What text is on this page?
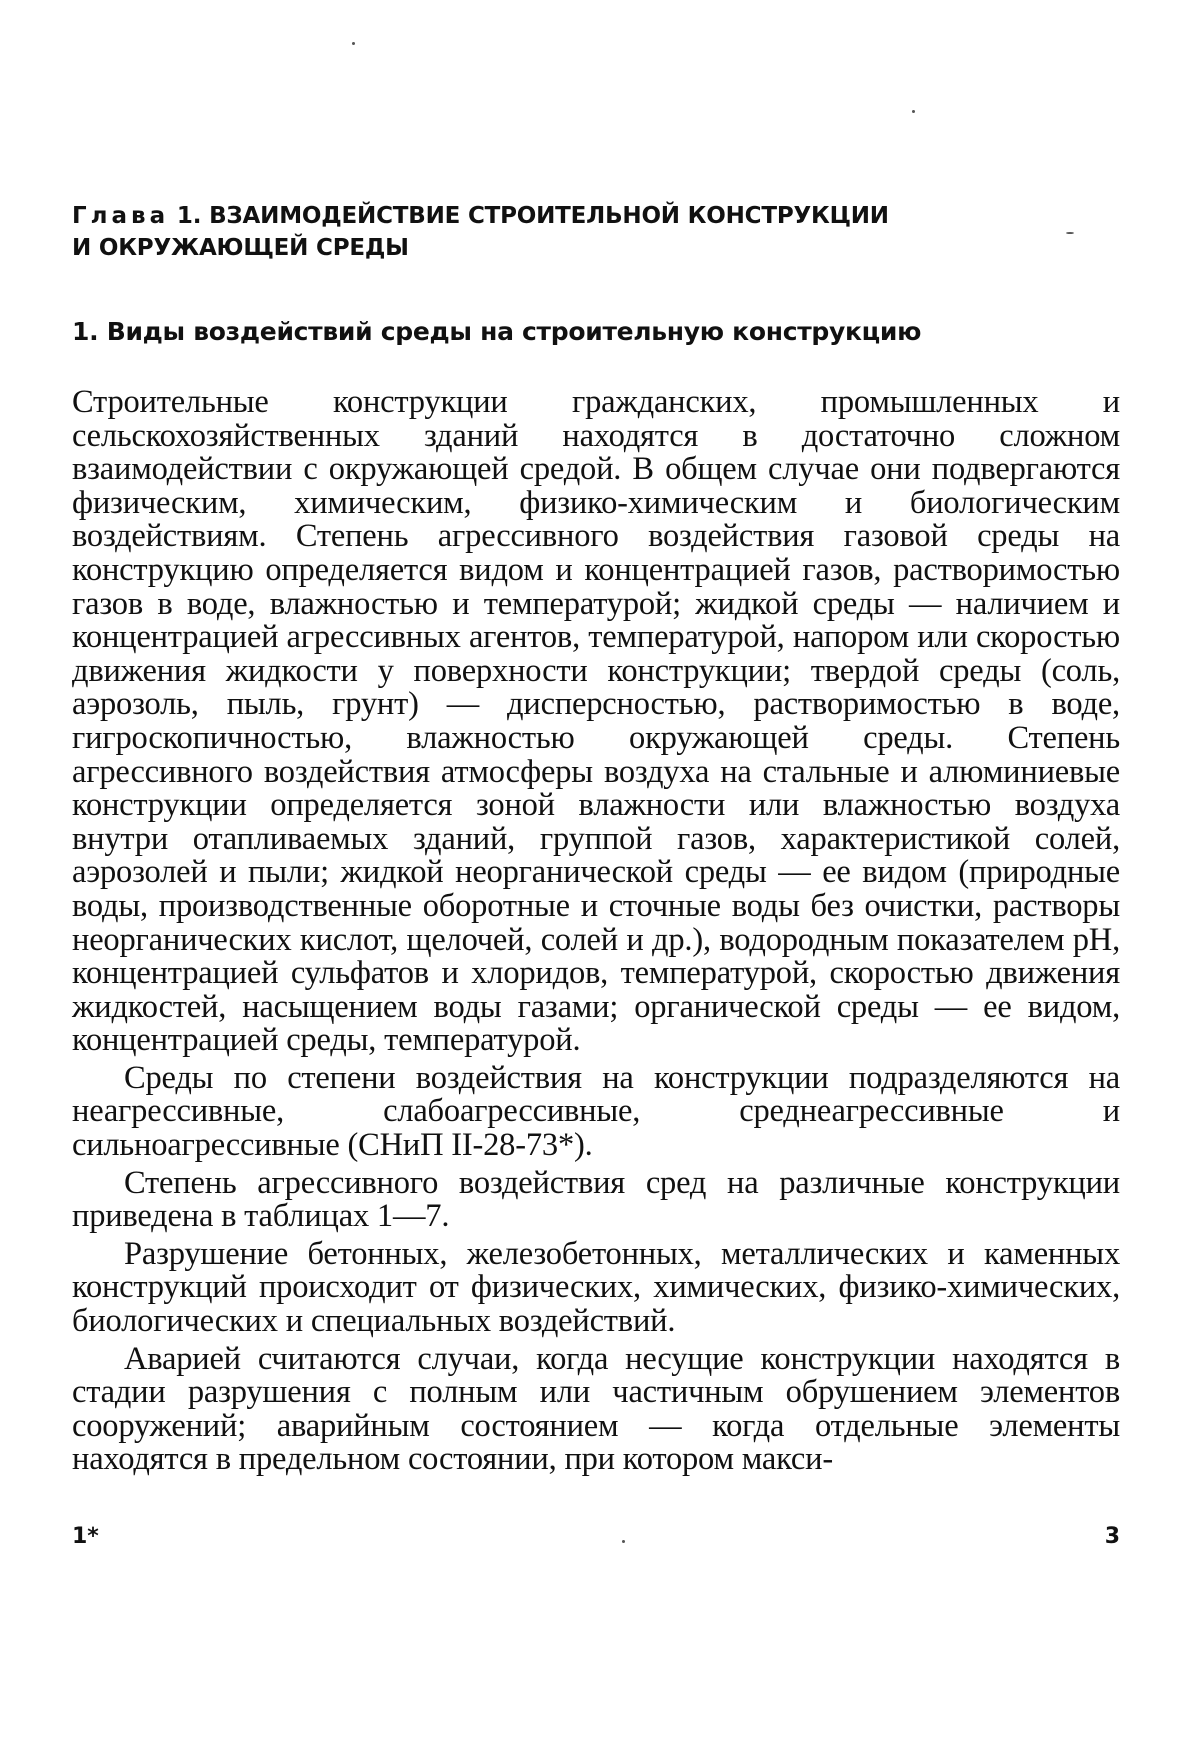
Глава 1. ВЗАИМОДЕЙСТВИЕ СТРОИТЕЛЬНОЙ КОНСТРУКЦИИ
И ОКРУЖАЮЩЕЙ СРЕДЫ
1. Виды воздействий среды на строительную конструкцию

Строительные конструкции гражданских, промышленных и сельскохозяйственных зданий находятся в достаточно сложном взаимодействии с окружающей средой. В общем случае они подвергаются физическим, химическим, физико-химическим и биологическим воздействиям. Степень агрессивного воздействия газовой среды на конструкцию определяется видом и концентрацией газов, растворимостью газов в воде, влажностью и температурой; жидкой среды — наличием и концентрацией агрессивных агентов, температурой, напором или скоростью движения жидкости у поверхности конструкции; твердой среды (соль, аэрозоль, пыль, грунт) — дисперсностью, растворимостью в воде, гигроскопичностью, влажностью окружающей среды. Степень агрессивного воздействия атмосферы воздуха на стальные и алюминиевые конструкции определяется зоной влажности или влажностью воздуха внутри отапливаемых зданий, группой газов, характеристикой солей, аэрозолей и пыли; жидкой неорганической среды — ее видом (природные воды, производственные оборотные и сточные воды без очистки, растворы неорганических кислот, щелочей, солей и др.), водородным показателем рН, концентрацией сульфатов и хлоридов, температурой, скоростью движения жидкостей, насыщением воды газами; органической среды — ее видом, концентрацией среды, температурой.

Среды по степени воздействия на конструкции подразделяются на неагрессивные, слабоагрессивные, среднеагрессивные и сильноагрессивные (СНиП II-28-73*).

Степень агрессивного воздействия сред на различные конструкции приведена в таблицах 1—7.

Разрушение бетонных, железобетонных, металлических и каменных конструкций происходит от физических, химических, физико-химических, биологических и специальных воздействий.

Аварией считаются случаи, когда несущие конструкции находятся в стадии разрушения с полным или частичным обрушением элементов сооружений; аварийным состоянием — когда отдельные элементы находятся в предельном состоянии, при котором макси-

1*	3
